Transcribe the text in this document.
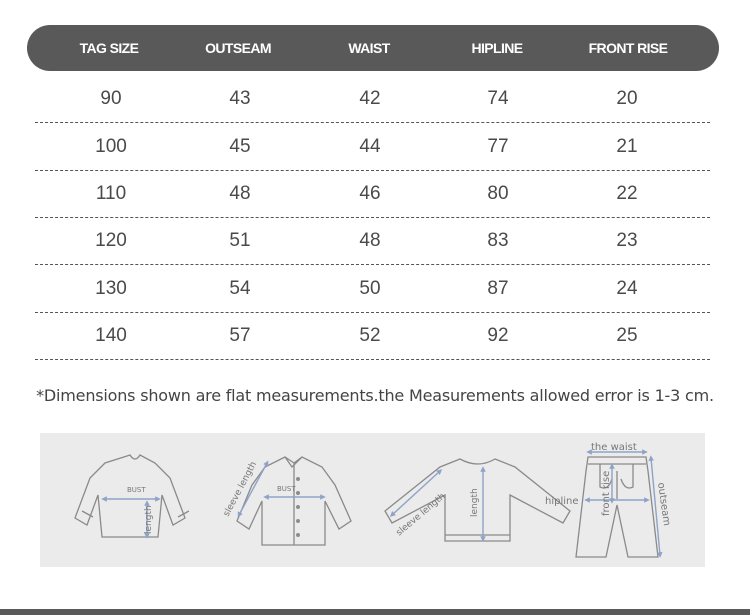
TAG SIZE	OUTSEAM	WAIST	HIPLINE	FRONT RISE
90	43	42	74	20
100	45	44	77	21
110	48	46	80	22
120	51	48	83	23
130	54	50	87	24
140	57	52	92	25
*Dimensions shown are flat measurements.the Measurements allowed error is 1-3 cm.
BUST
length
sleeve length	BUST
sleeve length	length
the waist
hipline front rise	outseam
